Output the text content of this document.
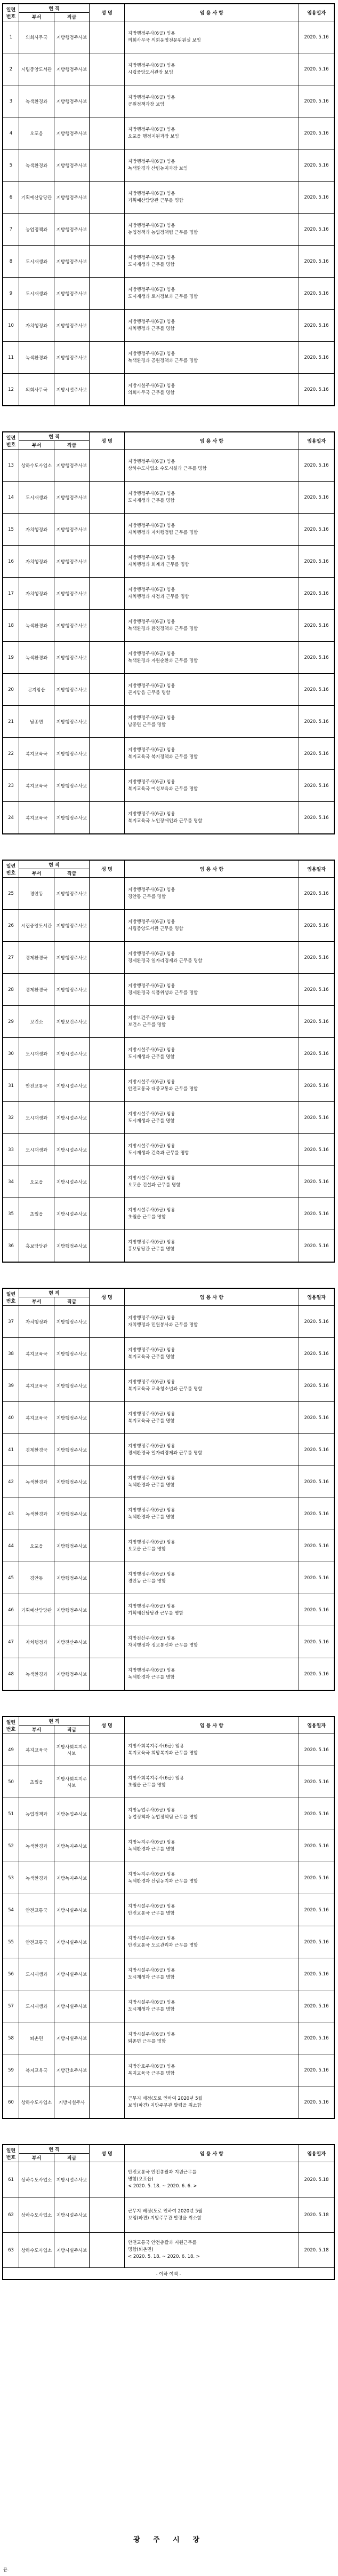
일련번호	현 직		성 명	임 용 사 항	임용일자
	부서	직급			
1	의회사무국	지방행정주사보		지방행정주사(6급) 임용
의회사무국 의회운영전문위원실 보임	2020. 5.16
2	시립중앙도서관	지방행정주사보		지방행정주사(6급) 임용
시립중앙도서관장 보임	2020. 5.16
3	녹색환경과	지방행정주사보		지방행정주사(6급) 임용
공원정책과장 보임	2020. 5.16
4	오포읍	지방행정주사보		지방행정주사(6급) 임용
오포읍 행정지원과장 보임	2020. 5.16
5	녹색환경과	지방행정주사보		지방행정주사(6급) 임용
녹색환경과 산림농지과장 보임	2020. 5.16
6	기획예산담당관	지방행정주사보		지방행정주사(6급) 임용
기획예산담당관 근무를 명함	2020. 5.16
7	농업정책과	지방행정주사보		지방행정주사(6급) 임용
농업정책과 농업정책팀 근무를 명함	2020. 5.16
8	도시재생과	지방행정주사보		지방행정주사(6급) 임용
도시재생과 근무를 명함	2020. 5.16
9	도시재생과	지방행정주사보		지방행정주사(6급) 임용
도시재생과 토지정보과 근무를 명함	2020. 5.16
10	자치행정과	지방행정주사보		지방행정주사(6급) 임용
자치행정과 근무를 명함	2020. 5.16
11	녹색환경과	지방행정주사보		지방행정주사(6급) 임용
녹색환경과 공원정책과 근무를 명함	2020. 5.16
12	의회사무국	지방시설주사보		지방시설주사(6급) 임용
의회사무국 근무를 명함	2020. 5.16
일련번호	현 직		성 명	임 용 사 항	임용일자
	부서	직급			
13	상하수도사업소	지방행정주사보		지방행정주사(6급) 임용
상하수도사업소 수도시설과 근무를 명함	2020. 5.16
14	도시재생과	지방행정주사보		지방행정주사(6급) 임용
도시재생과 근무를 명함	2020. 5.16
15	자치행정과	지방행정주사보		지방행정주사(6급) 임용
자치행정과 자치행정팀 근무를 명함	2020. 5.16
16	자치행정과	지방행정주사보		지방행정주사(6급) 임용
자치행정과 회계과 근무를 명함	2020. 5.16
17	자치행정과	지방행정주사보		지방행정주사(6급) 임용
자치행정과 세정과 근무를 명함	2020. 5.16
18	녹색환경과	지방행정주사보		지방행정주사(6급) 임용
녹색환경과 환경정책과 근무를 명함	2020. 5.16
19	녹색환경과	지방행정주사보		지방행정주사(6급) 임용
녹색환경과 자원순환과 근무를 명함	2020. 5.16
20	곤지암읍	지방행정주사보		지방행정주사(6급) 임용
곤지암읍 근무를 명함	2020. 5.16
21	남종면	지방행정주사보		지방행정주사(6급) 임용
남종면 근무를 명함	2020. 5.16
22	복지교육국	지방행정주사보		지방행정주사(6급) 임용
복지교육국 복지정책과 근무를 명함	2020. 5.16
23	복지교육국	지방행정주사보		지방행정주사(6급) 임용
복지교육국 여성보육과 근무를 명함	2020. 5.16
24	복지교육국	지방행정주사보		지방행정주사(6급) 임용
복지교육국 노인장애인과 근무를 명함	2020. 5.16
일련번호	현 직		성 명	임 용 사 항	임용일자
	부서	직급			
25	경안동	지방행정주사보		지방행정주사(6급) 임용
경안동 근무를 명함	2020. 5.16
26	시립중앙도서관	지방행정주사보		지방행정주사(6급) 임용
시립중앙도서관 근무를 명함	2020. 5.16
27	경제환경국	지방행정주사보		지방행정주사(6급) 임용
경제환경국 일자리경제과 근무를 명함	2020. 5.16
28	경제환경국	지방행정주사보		지방행정주사(6급) 임용
경제환경국 식품위생과 근무를 명함	2020. 5.16
29	보건소	지방보건주사보		지방보건주사(6급) 임용
보건소 근무를 명함	2020. 5.16
30	도시재생과	지방시설주사보		지방시설주사(6급) 임용
도시재생과 근무를 명함	2020. 5.16
31	안전교통국	지방시설주사보		지방시설주사(6급) 임용
안전교통국 대중교통과 근무를 명함	2020. 5.16
32	도시재생과	지방시설주사보		지방시설주사(6급) 임용
도시재생과 근무를 명함	2020. 5.16
33	도시재생과	지방시설주사보		지방시설주사(6급) 임용
도시재생과 건축과 근무를 명함	2020. 5.16
34	오포읍	지방시설주사보		지방시설주사(6급) 임용
오포읍 건설과 근무를 명함	2020. 5.16
35	초월읍	지방시설주사보		지방시설주사(6급) 임용
초월읍 근무를 명함	2020. 5.16
36	홍보담당관	지방행정주사보		지방행정주사(6급) 임용
홍보담당관 근무를 명함	2020. 5.16
일련번호	현 직		성 명	임 용 사 항	임용일자
	부서	직급			
37	자치행정과	지방행정주사보		지방행정주사(6급) 임용
자치행정과 민원봉사과 근무를 명함	2020. 5.16
38	복지교육국	지방행정주사보		지방행정주사(6급) 임용
복지교육국 근무를 명함	2020. 5.16
39	복지교육국	지방행정주사보		지방행정주사(6급) 임용
복지교육국 교육청소년과 근무를 명함	2020. 5.16
40	복지교육국	지방행정주사보		지방행정주사(6급) 임용
복지교육국 근무를 명함	2020. 5.16
41	경제환경국	지방행정주사보		지방행정주사(6급) 임용
경제환경국 일자리경제과 근무를 명함	2020. 5.16
42	녹색환경과	지방행정주사보		지방행정주사(6급) 임용
녹색환경과 근무를 명함	2020. 5.16
43	녹색환경과	지방행정주사보		지방행정주사(6급) 임용
녹색환경과 근무를 명함	2020. 5.16
44	오포읍	지방행정주사보		지방행정주사(6급) 임용
오포읍 근무를 명함	2020. 5.16
45	경안동	지방행정주사보		지방행정주사(6급) 임용
경안동 근무를 명함	2020. 5.16
46	기획예산담당관	지방행정주사보		지방행정주사(6급) 임용
기획예산담당관 근무를 명함	2020. 5.16
47	자치행정과	지방전산주사보		지방전산주사(6급) 임용
자치행정과 정보통신과 근무를 명함	2020. 5.16
48	녹색환경과	지방행정주사보		지방행정주사(6급) 임용
녹색환경과 근무를 명함	2020. 5.16
일련번호	현 직		성 명	임 용 사 항	임용일자
	부서	직급			
49	복지교육국	지방사회복지주사보		지방사회복지주사(6급) 임용
복지교육국 희망복지과 근무를 명함	2020. 5.16
50	초월읍	지방사회복지주사보		지방사회복지주사(6급) 임용
초월읍 근무를 명함	2020. 5.16
51	농업정책과	지방농업주사보		지방농업주사(6급) 임용
농업정책과 농업정책팀 근무를 명함	2020. 5.16
52	녹색환경과	지방녹지주사보		지방녹지주사(6급) 임용
녹색환경과 근무를 명함	2020. 5.16
53	녹색환경과	지방녹지주사보		지방녹지주사(6급) 임용
녹색환경과 산림농지과 근무를 명함	2020. 5.16
54	안전교통국	지방시설주사보		지방시설주사(6급) 임용
안전교통국 근무를 명함	2020. 5.16
55	안전교통국	지방시설주사보		지방시설주사(6급) 임용
안전교통국 도로관리과 근무를 명함	2020. 5.16
56	도시재생과	지방시설주사보		지방시설주사(6급) 임용
도시재생과 근무를 명함	2020. 5.16
57	도시재생과	지방시설주사보		지방시설주사(6급) 임용
도시재생과 근무를 명함	2020. 5.16
58	퇴촌면	지방시설주사보		지방시설주사(6급) 임용
퇴촌면 근무를 명함	2020. 5.16
59	복지교육국	지방간호주사보		지방간호주사(6급) 임용
복지교육국 근무를 명함	2020. 5.16
60	상하수도사업소	지방시설주사		근무지 배정(도로 인하여 2020년 5월
보임(파견) 지방주무관 발령을 취소함	2020. 5.16
일련번호	현 직		성 명	임 용 사 항	임용일자
	부서	직급			
61	상하수도사업소	지방시설주사보		안전교통국 안전총괄과 지원근무를
명함(오포읍)
< 2020. 5. 18. ~ 2020. 6. 6. >	2020. 5.18
62	상하수도사업소	지방시설주사보		근무지 배정(도로 인하여 2020년 5월
보임(파견) 지방주무관 발령을 취소함	2020. 5.18
63	상하수도사업소	지방시설주사보		안전교통국 안전총괄과 지원근무를
명함(퇴촌면)
< 2020. 5. 18. ~ 2020. 6. 18. >	2020. 5.18
- 이하 여백 -					
광 주 시 장
끝.
